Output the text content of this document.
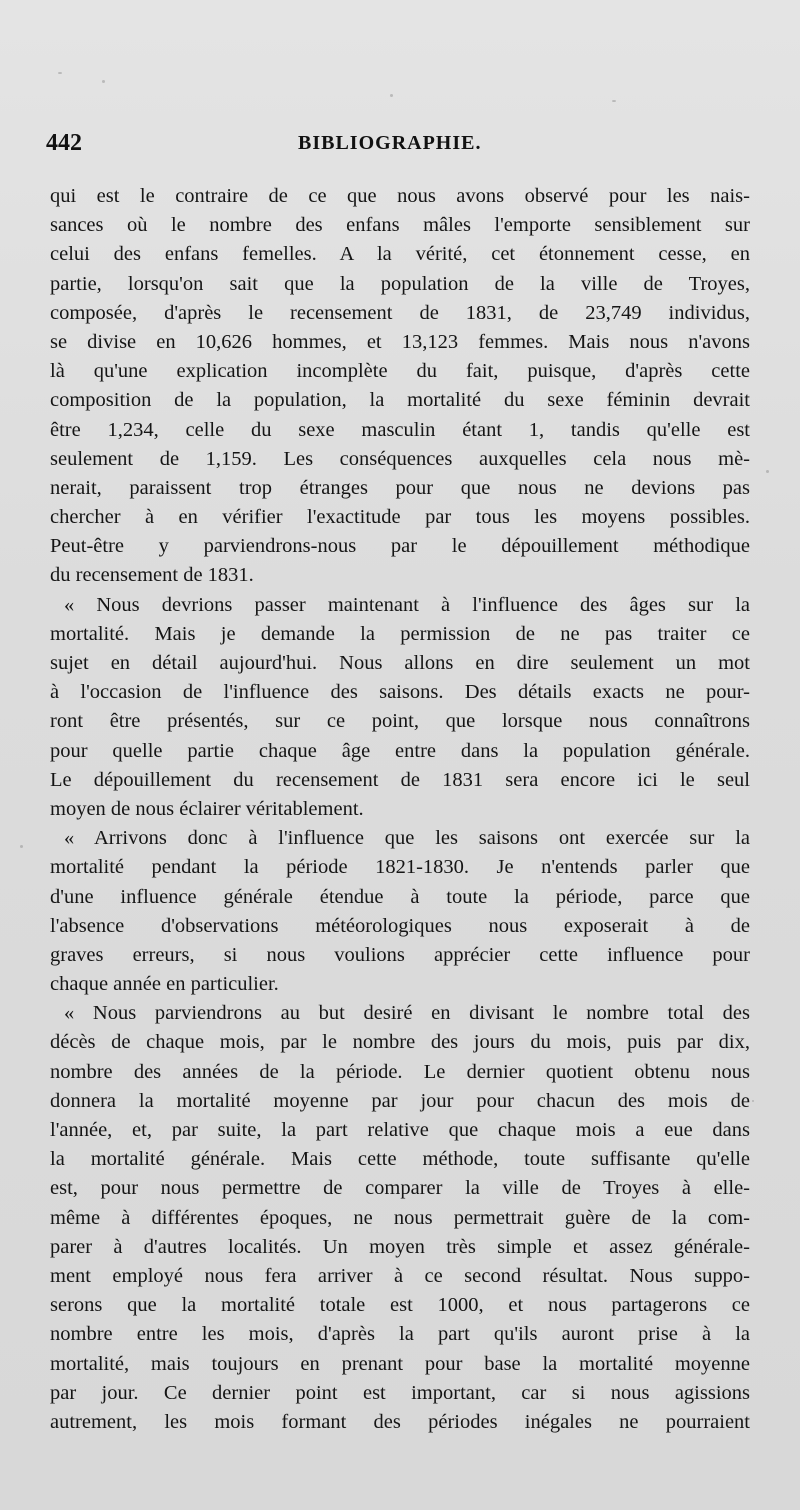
442	BIBLIOGRAPHIE.
qui est le contraire de ce que nous avons observé pour les nais-
sances où le nombre des enfans mâles l'emporte sensiblement sur
celui des enfans femelles. A la vérité, cet étonnement cesse, en
partie, lorsqu'on sait que la population de la ville de Troyes,
composée, d'après le recensement de 1831, de 23,749 individus,
se divise en 10,626 hommes, et 13,123 femmes. Mais nous n'avons
là qu'une explication incomplète du fait, puisque, d'après cette
composition de la population, la mortalité du sexe féminin devrait
être 1,234, celle du sexe masculin étant 1, tandis qu'elle est
seulement de 1,159. Les conséquences auxquelles cela nous mè-
nerait, paraissent trop étranges pour que nous ne devions pas
chercher à en vérifier l'exactitude par tous les moyens possibles.
Peut-être y parviendrons-nous par le dépouillement méthodique
du recensement de 1831.
« Nous devrions passer maintenant à l'influence des âges sur la
mortalité. Mais je demande la permission de ne pas traiter ce
sujet en détail aujourd'hui. Nous allons en dire seulement un mot
à l'occasion de l'influence des saisons. Des détails exacts ne pour-
ront être présentés, sur ce point, que lorsque nous connaîtrons
pour quelle partie chaque âge entre dans la population générale.
Le dépouillement du recensement de 1831 sera encore ici le seul
moyen de nous éclairer véritablement.
« Arrivons donc à l'influence que les saisons ont exercée sur la
mortalité pendant la période 1821-1830. Je n'entends parler que
d'une influence générale étendue à toute la période, parce que
l'absence d'observations météorologiques nous exposerait à de
graves erreurs, si nous voulions apprécier cette influence pour
chaque année en particulier.
« Nous parviendrons au but desiré en divisant le nombre total des
décès de chaque mois, par le nombre des jours du mois, puis par dix,
nombre des années de la période. Le dernier quotient obtenu nous
donnera la mortalité moyenne par jour pour chacun des mois de
l'année, et, par suite, la part relative que chaque mois a eue dans
la mortalité générale. Mais cette méthode, toute suffisante qu'elle
est, pour nous permettre de comparer la ville de Troyes à elle-
même à différentes époques, ne nous permettrait guère de la com-
parer à d'autres localités. Un moyen très simple et assez générale-
ment employé nous fera arriver à ce second résultat. Nous suppo-
serons que la mortalité totale est 1000, et nous partagerons ce
nombre entre les mois, d'après la part qu'ils auront prise à la
mortalité, mais toujours en prenant pour base la mortalité moyenne
par jour. Ce dernier point est important, car si nous agissions
autrement, les mois formant des périodes inégales ne pourraient
